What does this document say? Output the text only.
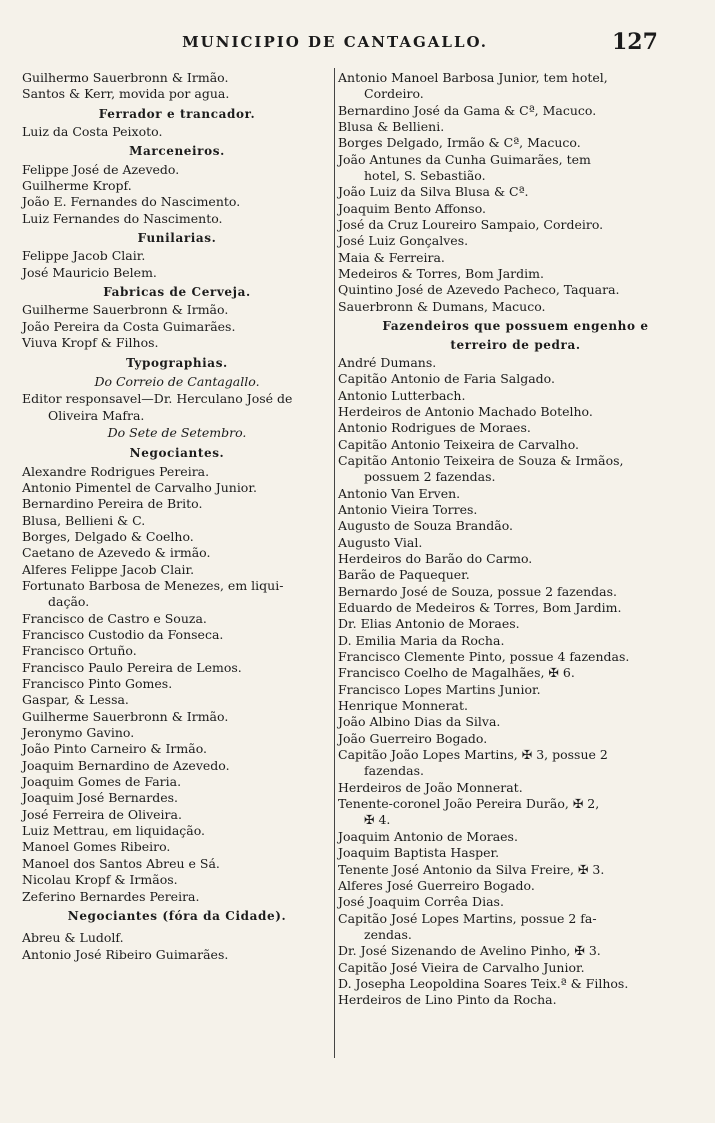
MUNICIPIO DE CANTAGALLO.	127
Guilhermo Sauerbronn & Irmão.
Santos & Kerr, movida por agua.
Ferrador e trancador.
Luiz da Costa Peixoto.
Marceneiros.
Felippe José de Azevedo.
Guilherme Kropf.
João E. Fernandes do Nascimento.
Luiz Fernandes do Nascimento.
Funilarias.
Felippe Jacob Clair.
José Mauricio Belem.
Fabricas de Cerveja.
Guilherme Sauerbronn & Irmão.
João Pereira da Costa Guimarães.
Viuva Kropf & Filhos.
Typographias.
Do Correio de Cantagallo.
Editor responsavel—Dr. Herculano José de
Oliveira Mafra.
Do Sete de Setembro.
Negociantes.
Alexandre Rodrigues Pereira.
Antonio Pimentel de Carvalho Junior.
Bernardino Pereira de Brito.
Blusa, Bellieni & C.
Borges, Delgado & Coelho.
Caetano de Azevedo & irmão.
Alferes Felippe Jacob Clair.
Fortunato Barbosa de Menezes, em liqui-
dação.
Francisco de Castro e Souza.
Francisco Custodio da Fonseca.
Francisco Ortuño.
Francisco Paulo Pereira de Lemos.
Francisco Pinto Gomes.
Gaspar, & Lessa.
Guilherme Sauerbronn & Irmão.
Jeronymo Gavino.
João Pinto Carneiro & Irmão.
Joaquim Bernardino de Azevedo.
Joaquim Gomes de Faria.
Joaquim José Bernardes.
José Ferreira de Oliveira.
Luiz Mettrau, em liquidação.
Manoel Gomes Ribeiro.
Manoel dos Santos Abreu e Sá.
Nicolau Kropf & Irmãos.
Zeferino Bernardes Pereira.
Negociantes (fóra da Cidade).
Abreu & Ludolf.
Antonio José Ribeiro Guimarães.
Antonio Manoel Barbosa Junior, tem hotel,
Cordeiro.
Bernardino José da Gama & Cª, Macuco.
Blusa & Bellieni.
Borges Delgado, Irmão & Cª, Macuco.
João Antunes da Cunha Guimarães, tem
hotel, S. Sebastião.
João Luiz da Silva Blusa & Cª.
Joaquim Bento Affonso.
José da Cruz Loureiro Sampaio, Cordeiro.
José Luiz Gonçalves.
Maia & Ferreira.
Medeiros & Torres, Bom Jardim.
Quintino José de Azevedo Pacheco, Taquara.
Sauerbronn & Dumans, Macuco.
Fazendeiros que possuem engenho e
terreiro de pedra.
André Dumans.
Capitão Antonio de Faria Salgado.
Antonio Lutterbach.
Herdeiros de Antonio Machado Botelho.
Antonio Rodrigues de Moraes.
Capitão Antonio Teixeira de Carvalho.
Capitão Antonio Teixeira de Souza & Irmãos,
possuem 2 fazendas.
Antonio Van Erven.
Antonio Vieira Torres.
Augusto de Souza Brandão.
Augusto Vial.
Herdeiros do Barão do Carmo.
Barão de Paquequer.
Bernardo José de Souza, possue 2 fazendas.
Eduardo de Medeiros & Torres, Bom Jardim.
Dr. Elias Antonio de Moraes.
D. Emilia Maria da Rocha.
Francisco Clemente Pinto, possue 4 fazendas.
Francisco Coelho de Magalhães, ✠ 6.
Francisco Lopes Martins Junior.
Henrique Monnerat.
João Albino Dias da Silva.
João Guerreiro Bogado.
Capitão João Lopes Martins, ✠ 3, possue 2
fazendas.
Herdeiros de João Monnerat.
Tenente-coronel João Pereira Durão, ✠ 2,
✠ 4.
Joaquim Antonio de Moraes.
Joaquim Baptista Hasper.
Tenente José Antonio da Silva Freire, ✠ 3.
Alferes José Guerreiro Bogado.
José Joaquim Corrêa Dias.
Capitão José Lopes Martins, possue 2 fa-
zendas.
Dr. José Sizenando de Avelino Pinho, ✠ 3.
Capitão José Vieira de Carvalho Junior.
D. Josepha Leopoldina Soares Teix.ª & Filhos.
Herdeiros de Lino Pinto da Rocha.
